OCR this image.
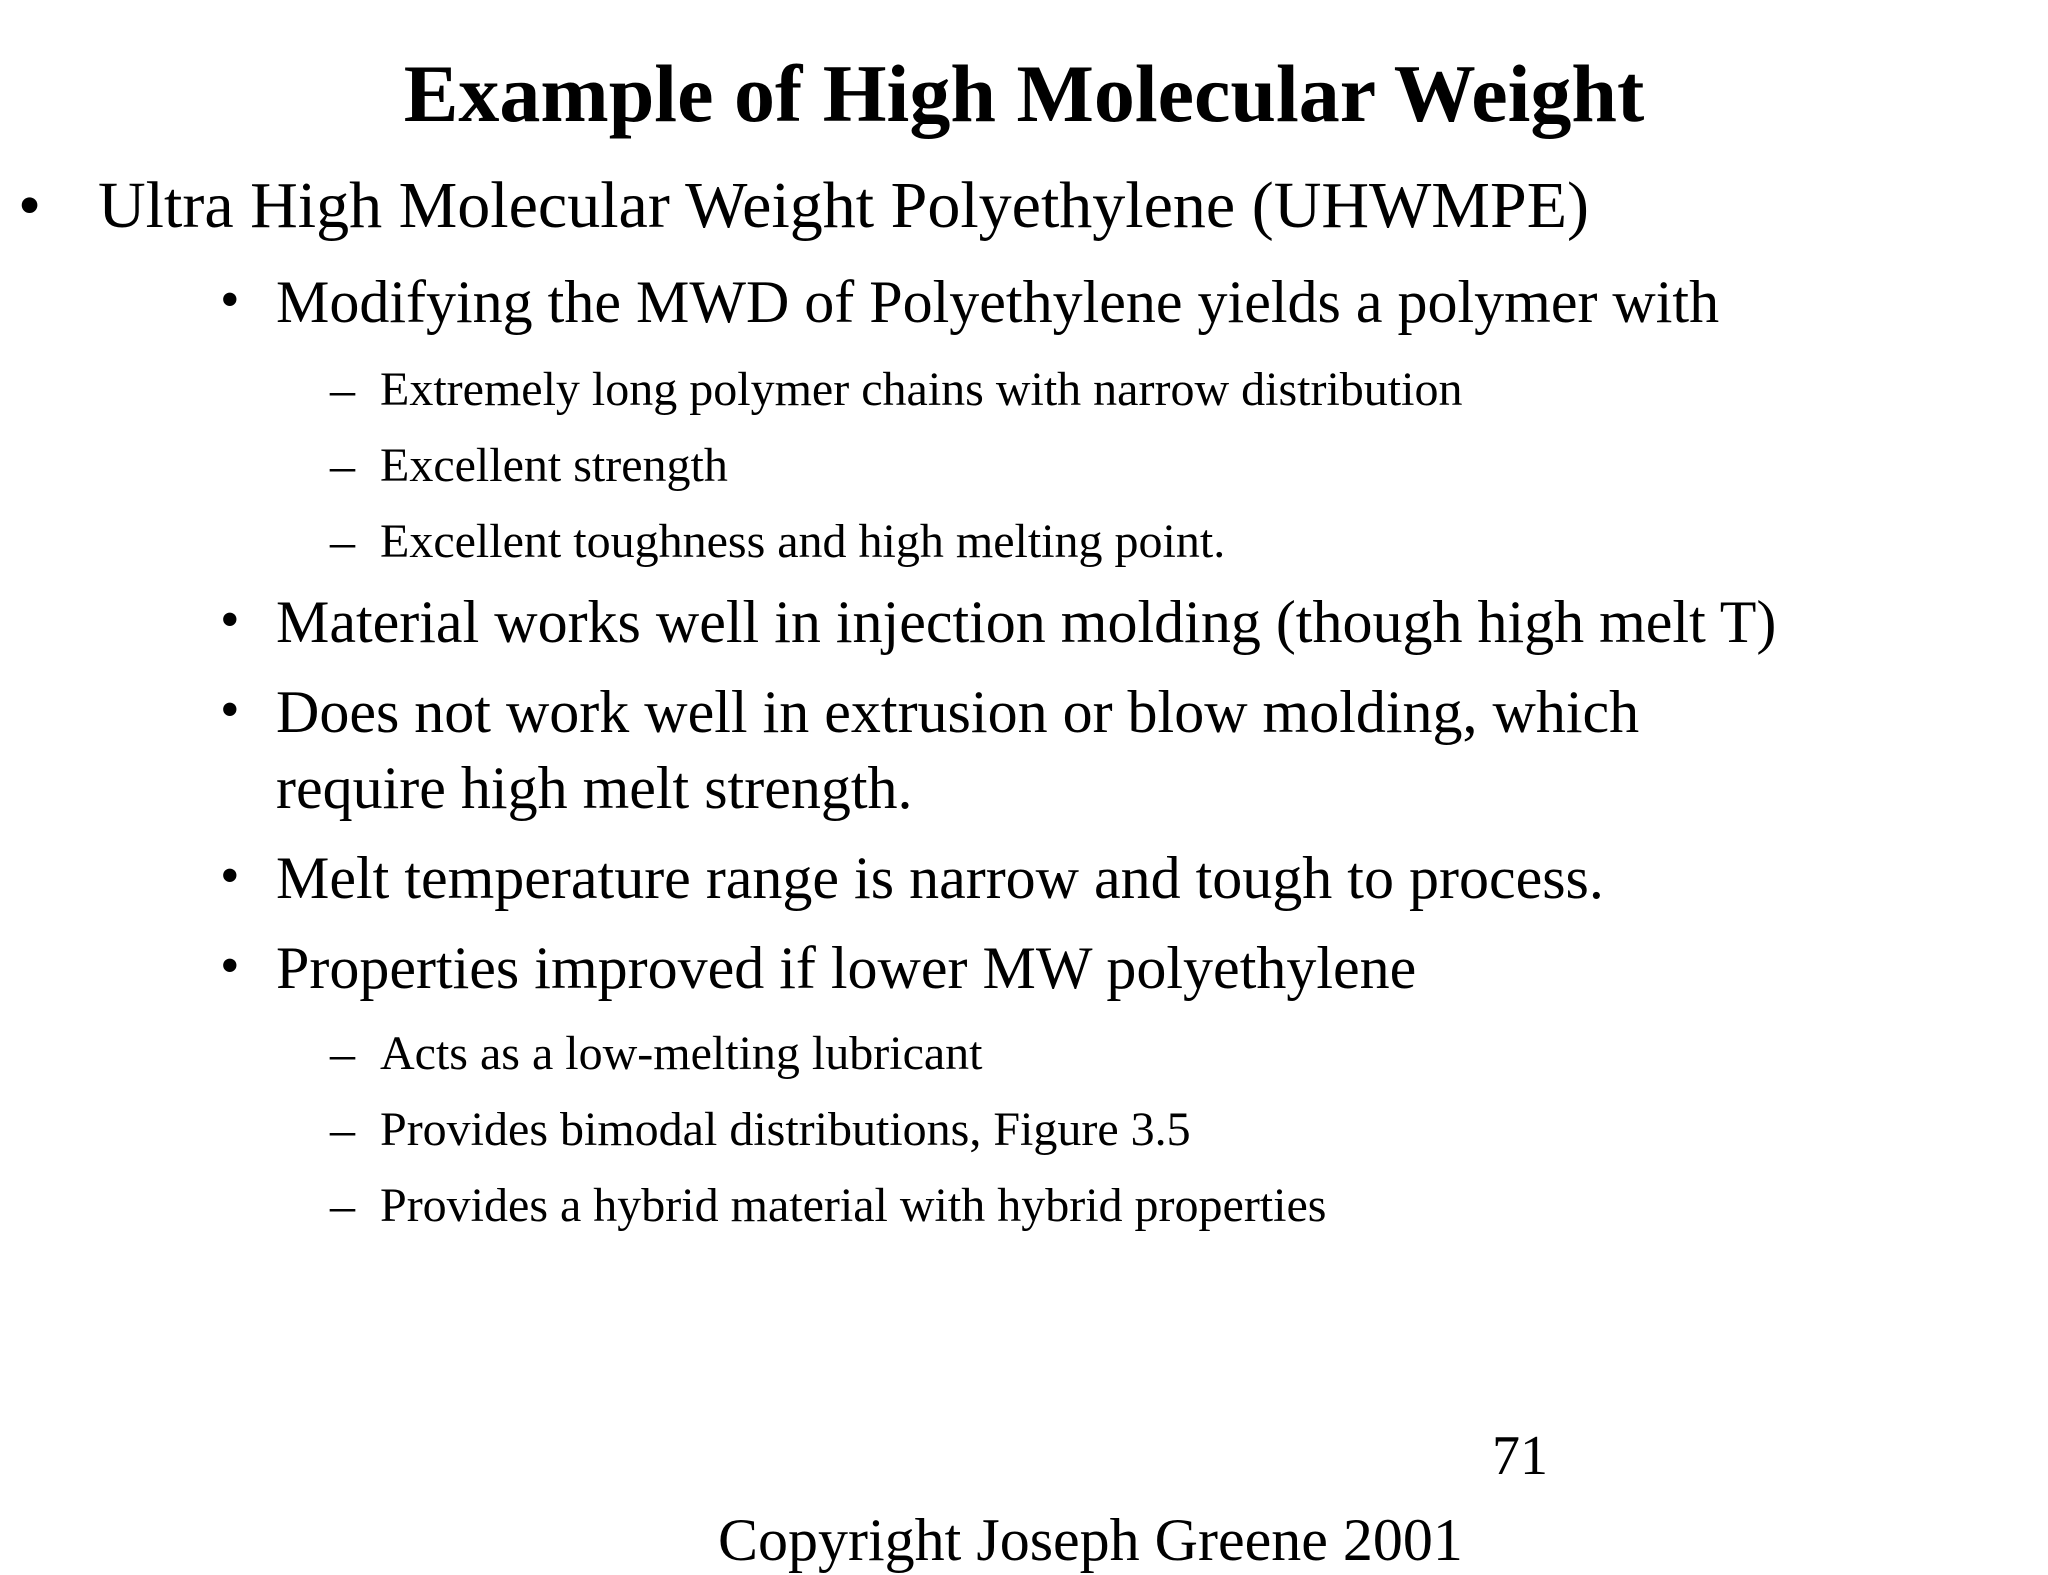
Example of High Molecular Weight
• Ultra High Molecular Weight Polyethylene (UHWMPE)
• Modifying the MWD of Polyethylene yields a polymer with
– Extremely long polymer chains with narrow distribution
– Excellent strength
– Excellent toughness and high melting point.
• Material works well in injection molding (though high melt T)
• Does not work well in extrusion or blow molding, which
require high melt strength.
• Melt temperature range is narrow and tough to process.
• Properties improved if lower MW polyethylene
– Acts as a low-melting lubricant
– Provides bimodal distributions, Figure 3.5
– Provides a hybrid material with hybrid properties
71
Copyright Joseph Greene 2001
